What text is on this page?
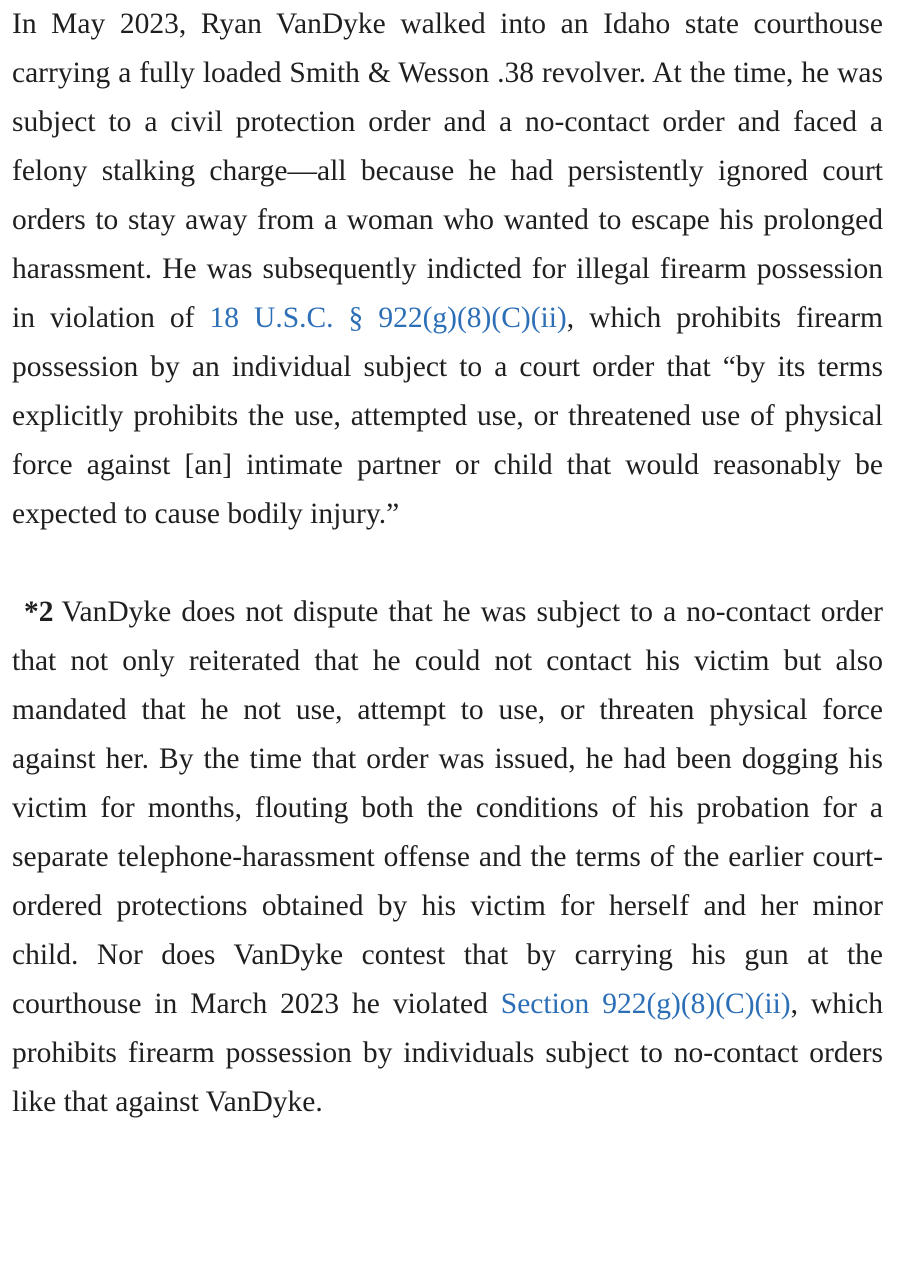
In May 2023, Ryan VanDyke walked into an Idaho state courthouse carrying a fully loaded Smith & Wesson .38 revolver. At the time, he was subject to a civil protection order and a no-contact order and faced a felony stalking charge—all because he had persistently ignored court orders to stay away from a woman who wanted to escape his prolonged harassment. He was subsequently indicted for illegal firearm possession in violation of 18 U.S.C. § 922(g)(8)(C)(ii), which prohibits firearm possession by an individual subject to a court order that “by its terms explicitly prohibits the use, attempted use, or threatened use of physical force against [an] intimate partner or child that would reasonably be expected to cause bodily injury.”

*2 VanDyke does not dispute that he was subject to a no-contact order that not only reiterated that he could not contact his victim but also mandated that he not use, attempt to use, or threaten physical force against her. By the time that order was issued, he had been dogging his victim for months, flouting both the conditions of his probation for a separate telephone-harassment offense and the terms of the earlier court-ordered protections obtained by his victim for herself and her minor child. Nor does VanDyke contest that by carrying his gun at the courthouse in March 2023 he violated Section 922(g)(8)(C)(ii), which prohibits firearm possession by individuals subject to no-contact orders like that against VanDyke.
